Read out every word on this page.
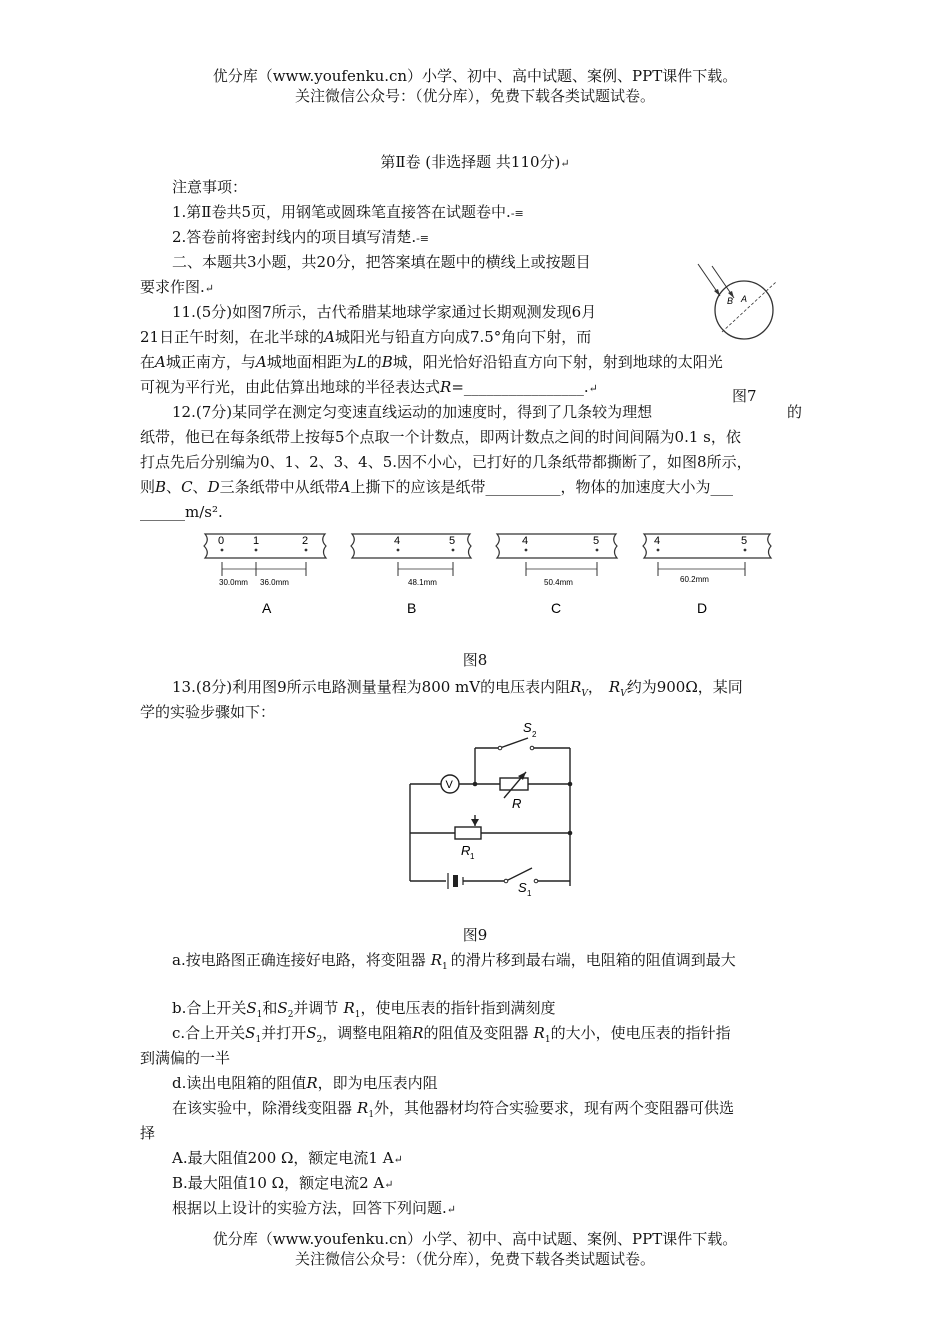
优分库（www.youfenku.cn）小学、初中、高中试题、案例、PPT课件下载。
关注微信公众号：（优分库），免费下载各类试题试卷。
第Ⅱ卷 (非选择题 共110分)↵
注意事项：
1.第Ⅱ卷共5页，用钢笔或圆珠笔直接答在试题卷中.-≡
2.答卷前将密封线内的项目填写清楚.-≡
二、本题共3小题，共20分，把答案填在题中的横线上或按题目
要求作图.↵
11.(5分)如图7所示，古代希腊某地球学家通过长期观测发现6月
21日正午时刻，在北半球的A城阳光与铅直方向成7.5°角向下射，而
在A城正南方，与A城地面相距为L的B城，阳光恰好沿铅直方向下射，射到地球的太阳光
可视为平行光，由此估算出地球的半径表达式R=________________.↵
B A
图7
12.(7分)某同学在测定匀变速直线运动的加速度时，得到了几条较为理想	的
纸带，他已在每条纸带上按每5个点取一个计数点，即两计数点之间的时间间隔为0.1 s，依
打点先后分别编为0、1、2、3、4、5.因不小心，已打好的几条纸带都撕断了，如图8所示，
则B、C、D三条纸带中从纸带A上撕下的应该是纸带__________，物体的加速度大小为___
______m/s².
0	1	2
30.0mm 36.0mm
A
4	5
48.1mm
B
4	5
50.4mm
C
4	5
60.2mm
D
图8
13.(8分)利用图9所示电路测量量程为800 mV的电压表内阻$R_V$， $R_V$约为900Ω，某同
学的实验步骤如下：
V
S 2
R
R 1
S 1
图9
a.按电路图正确连接好电路，将变阻器 $R_1$ 的滑片移到最右端，电阻箱的阻值调到最大
b.合上开关$S_1$和$S_2$并调节 $R_1$，使电压表的指针指到满刻度
c.合上开关$S_1$并打开$S_2$，调整电阻箱R的阻值及变阻器 $R_1$的大小，使电压表的指针指
到满偏的一半
d.读出电阻箱的阻值R，即为电压表内阻
在该实验中，除滑线变阻器 $R_1$外，其他器材均符合实验要求，现有两个变阻器可供选
择
A.最大阻值200 Ω，额定电流1 A↵
B.最大阻值10 Ω，额定电流2 A↵
根据以上设计的实验方法，回答下列问题.↵
优分库（www.youfenku.cn）小学、初中、高中试题、案例、PPT课件下载。
关注微信公众号：（优分库），免费下载各类试题试卷。
